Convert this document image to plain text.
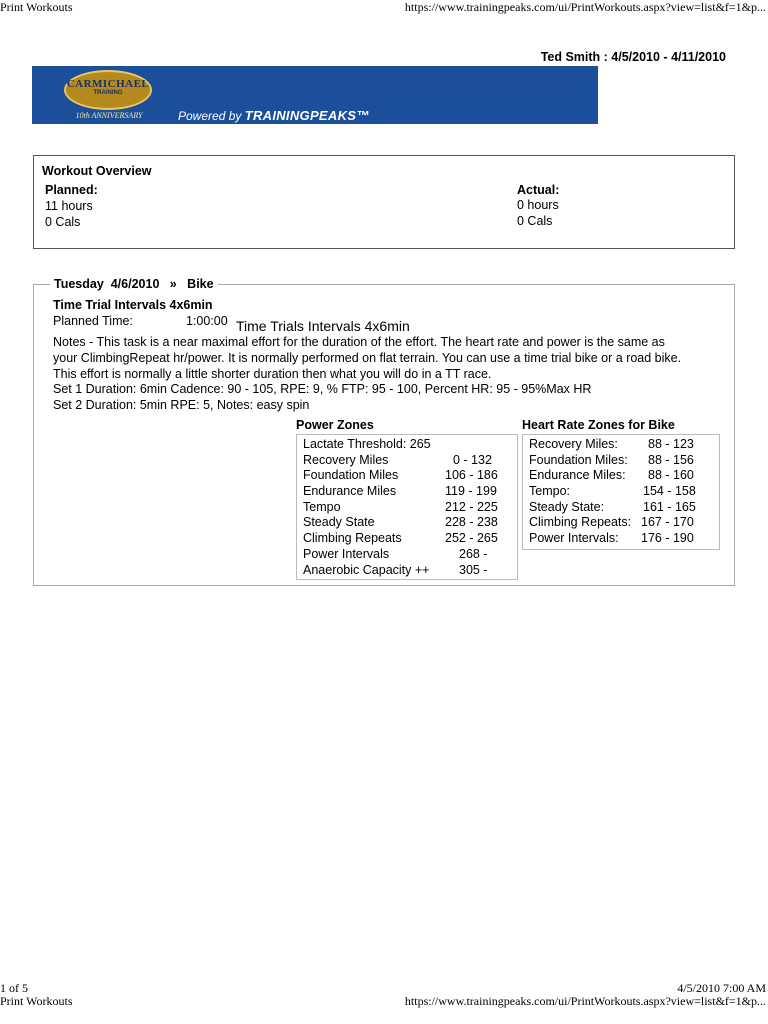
Print Workouts	https://www.trainingpeaks.com/ui/PrintWorkouts.aspx?view=list&f=1&p...
Ted Smith : 4/5/2010 - 4/11/2010
CARMICHAEL
TRAINING
10th ANNIVERSARY	Powered by TRAININGPEAKS™
Workout Overview
Planned:
11 hours
0 Cals
Actual:
0 hours
0 Cals
Tuesday  4/6/2010   »   Bike
Time Trial Intervals 4x6min
Planned Time:	1:00:00 Time Trials Intervals 4x6min
Notes - This task is a near maximal effort for the duration of the effort. The heart rate and power is the same as
your ClimbingRepeat hr/power. It is normally performed on flat terrain. You can use a time trial bike or a road bike.
This effort is normally a little shorter duration then what you will do in a TT race.
Set 1 Duration: 6min Cadence: 90 - 105, RPE: 9, % FTP: 95 - 100, Percent HR: 95 - 95%Max HR
Set 2 Duration: 5min RPE: 5, Notes: easy spin
Power Zones
Lactate Threshold: 265
Recovery Miles	0 - 132
Foundation Miles	106 - 186
Endurance Miles	119 - 199
Tempo	212 - 225
Steady State	228 - 238
Climbing Repeats	252 - 265
Power Intervals	268 -
Anaerobic Capacity ++ 305 -
Heart Rate Zones for Bike
Recovery Miles: 88 - 123
Foundation Miles: 88 - 156
Endurance Miles: 88 - 160
Tempo:	154 - 158
Steady State:	161 - 165
Climbing Repeats: 167 - 170
Power Intervals: 176 - 190
1 of 5	4/5/2010 7:00 AM
Print Workouts	https://www.trainingpeaks.com/ui/PrintWorkouts.aspx?view=list&f=1&p...
